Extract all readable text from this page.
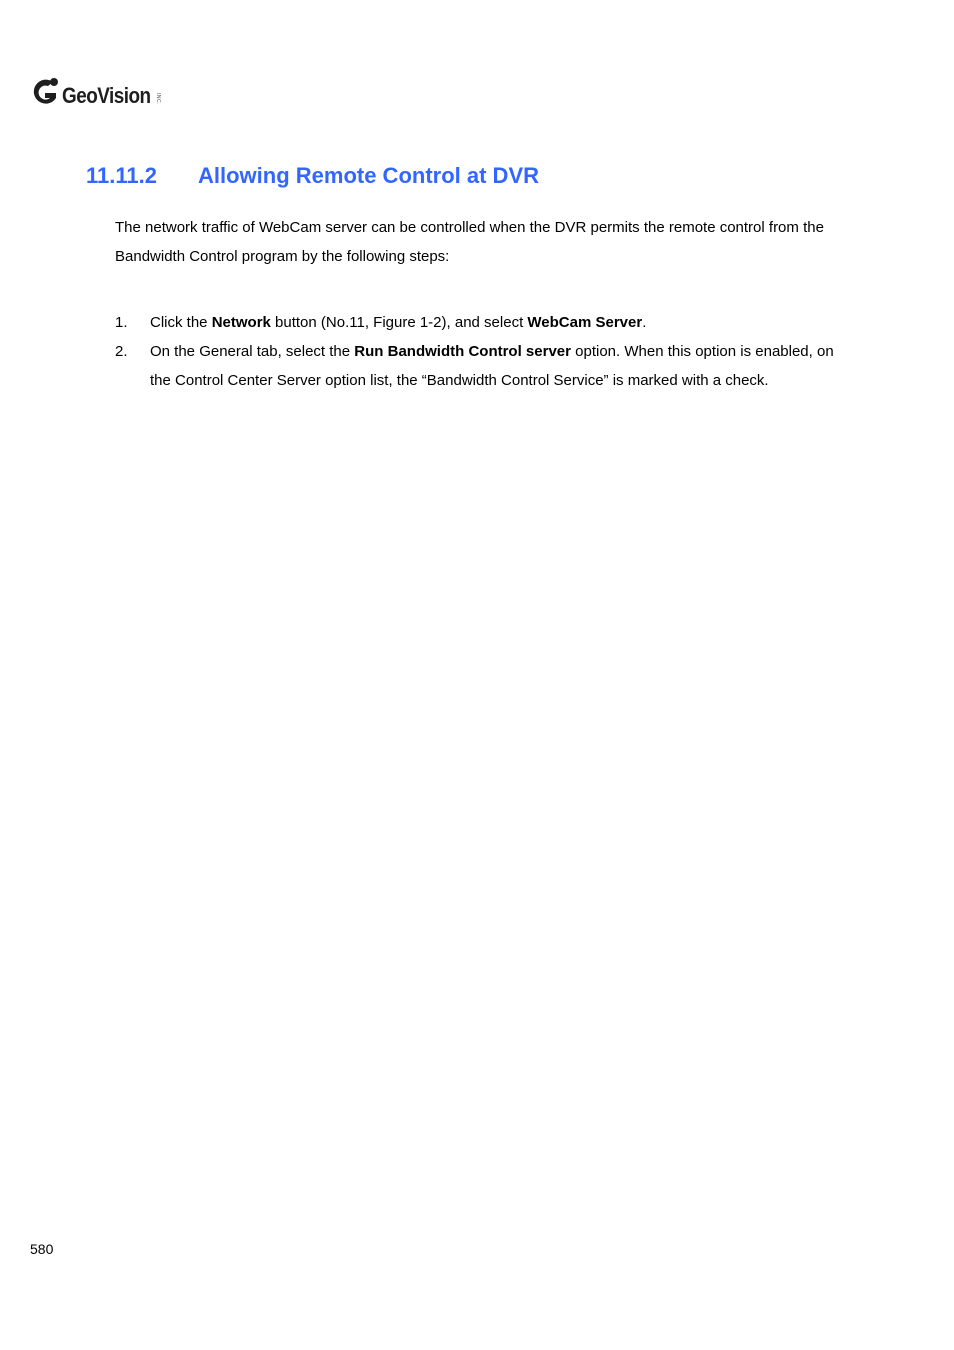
GeoVision INC.
11.11.2 Allowing Remote Control at DVR

The network traffic of WebCam server can be controlled when the DVR permits the remote control from the Bandwidth Control program by the following steps:

1. Click the Network button (No.11, Figure 1-2), and select WebCam Server.
2. On the General tab, select the Run Bandwidth Control server option. When this option is enabled, on the Control Center Server option list, the “Bandwidth Control Service” is marked with a check.
580
